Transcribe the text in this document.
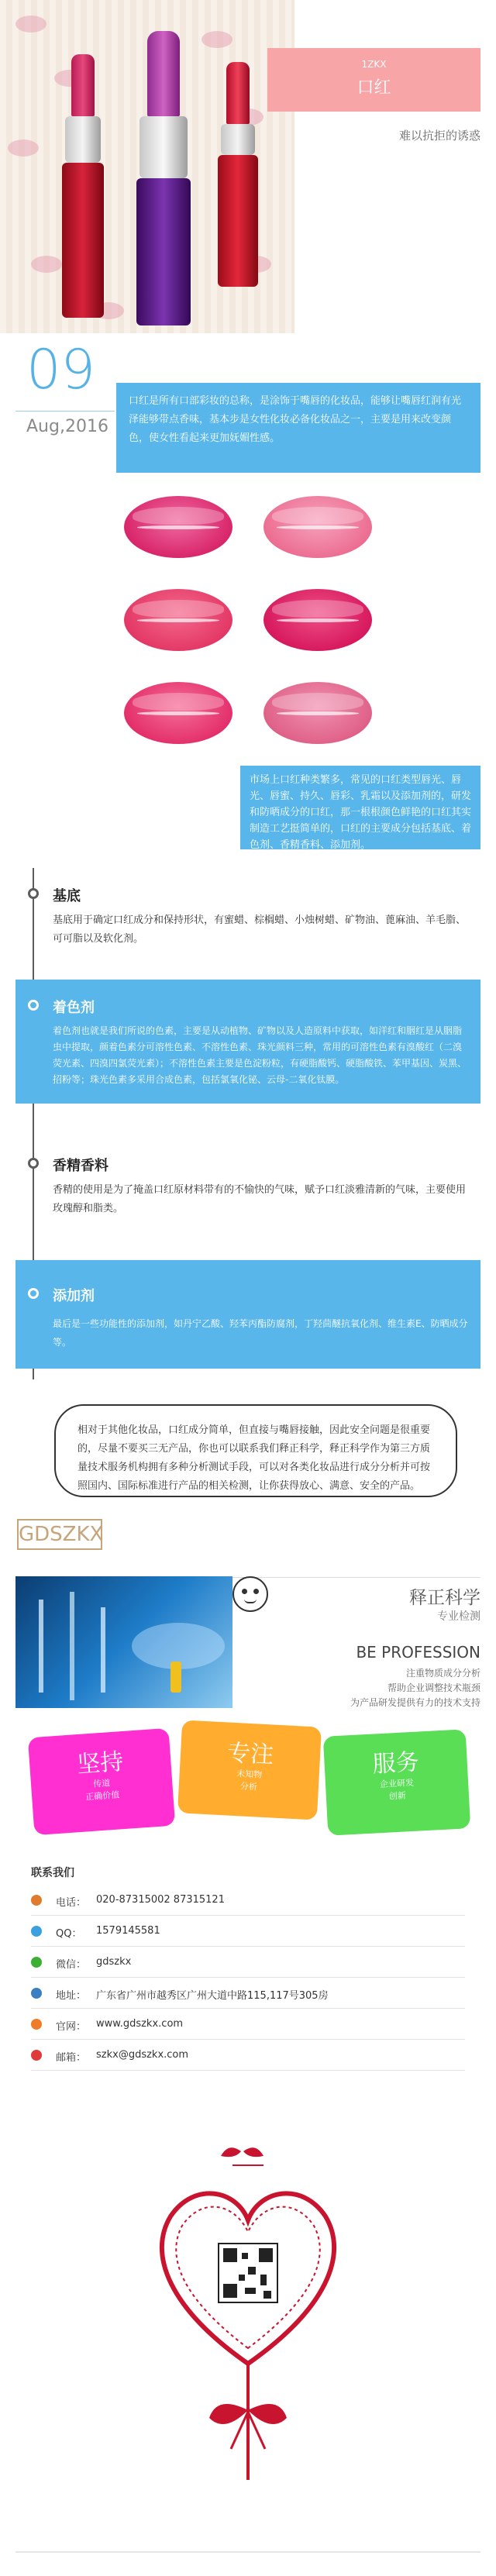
1ZKX
口红
难以抗拒的诱惑
09
Aug,2016
口红是所有口部彩妆的总称，是涂饰于嘴唇的化妆品，能够让嘴唇红润有光泽能够带点香味，基本步是女性化妆必备化妆品之一，主要是用来改变颜色，使女性看起来更加妩媚性感。
市场上口红种类繁多，常见的口红类型唇光、唇光、唇蜜、持久、唇彩、乳霜以及添加剂的，研发和防晒成分的口红，那一根根颜色鲜艳的口红其实制造工艺挺简单的，口红的主要成分包括基底、着色剂、香精香料、添加剂。
基底
基底用于确定口红成分和保持形状，有蜜蜡、棕榈蜡、小烛树蜡、矿物油、蓖麻油、羊毛脂、可可脂以及软化剂。
着色剂
着色剂也就是我们所说的色素，主要是从动植物、矿物以及人造原料中获取，如洋红和胭红是从胭脂虫中提取，颜着色素分可溶性色素、不溶性色素、珠光颜料三种，常用的可溶性色素有溴酸红（二溴荧光素、四溴四氯荧光素）；不溶性色素主要是色淀粉粒，有硬脂酸钙、硬脂酸铁、苯甲基因、炭黑、招粉等；珠光色素多采用合成色素，包括氯氧化铋、云母-二氧化钛膜。
香精香料
香精的使用是为了掩盖口红原材料带有的不愉快的气味，赋予口红淡雅清新的气味，主要使用玫瑰醇和脂类。
添加剂
最后是一些功能性的添加剂，如丹宁乙酸、羟苯丙酯防腐剂，丁羟茴醚抗氧化剂、维生素E、防晒成分等。
相对于其他化妆品，口红成分简单，但直接与嘴唇接触，因此安全问题是很重要的，尽量不要买三无产品，你也可以联系我们释正科学，释正科学作为第三方质量技术服务机构拥有多种分析测试手段，可以对各类化妆品进行成分分析并可按照国内、国际标准进行产品的相关检测，让你获得放心、满意、安全的产品。
GDSZKX
释正科学
专业检测
BE PROFESSION
注重物质成分分析
帮助企业调整技术瓶颈
为产品研发提供有力的技术支持
坚持
传道
正确价值
专注
未知物
分析
服务
企业研发
创新
联系我们
电话： 020-87315002 87315121
QQ： 1579145581
微信： gdszkx
地址： 广东省广州市越秀区广州大道中路115,117号305房
官网： www.gdszkx.com
邮箱： szkx@gdszkx.com
